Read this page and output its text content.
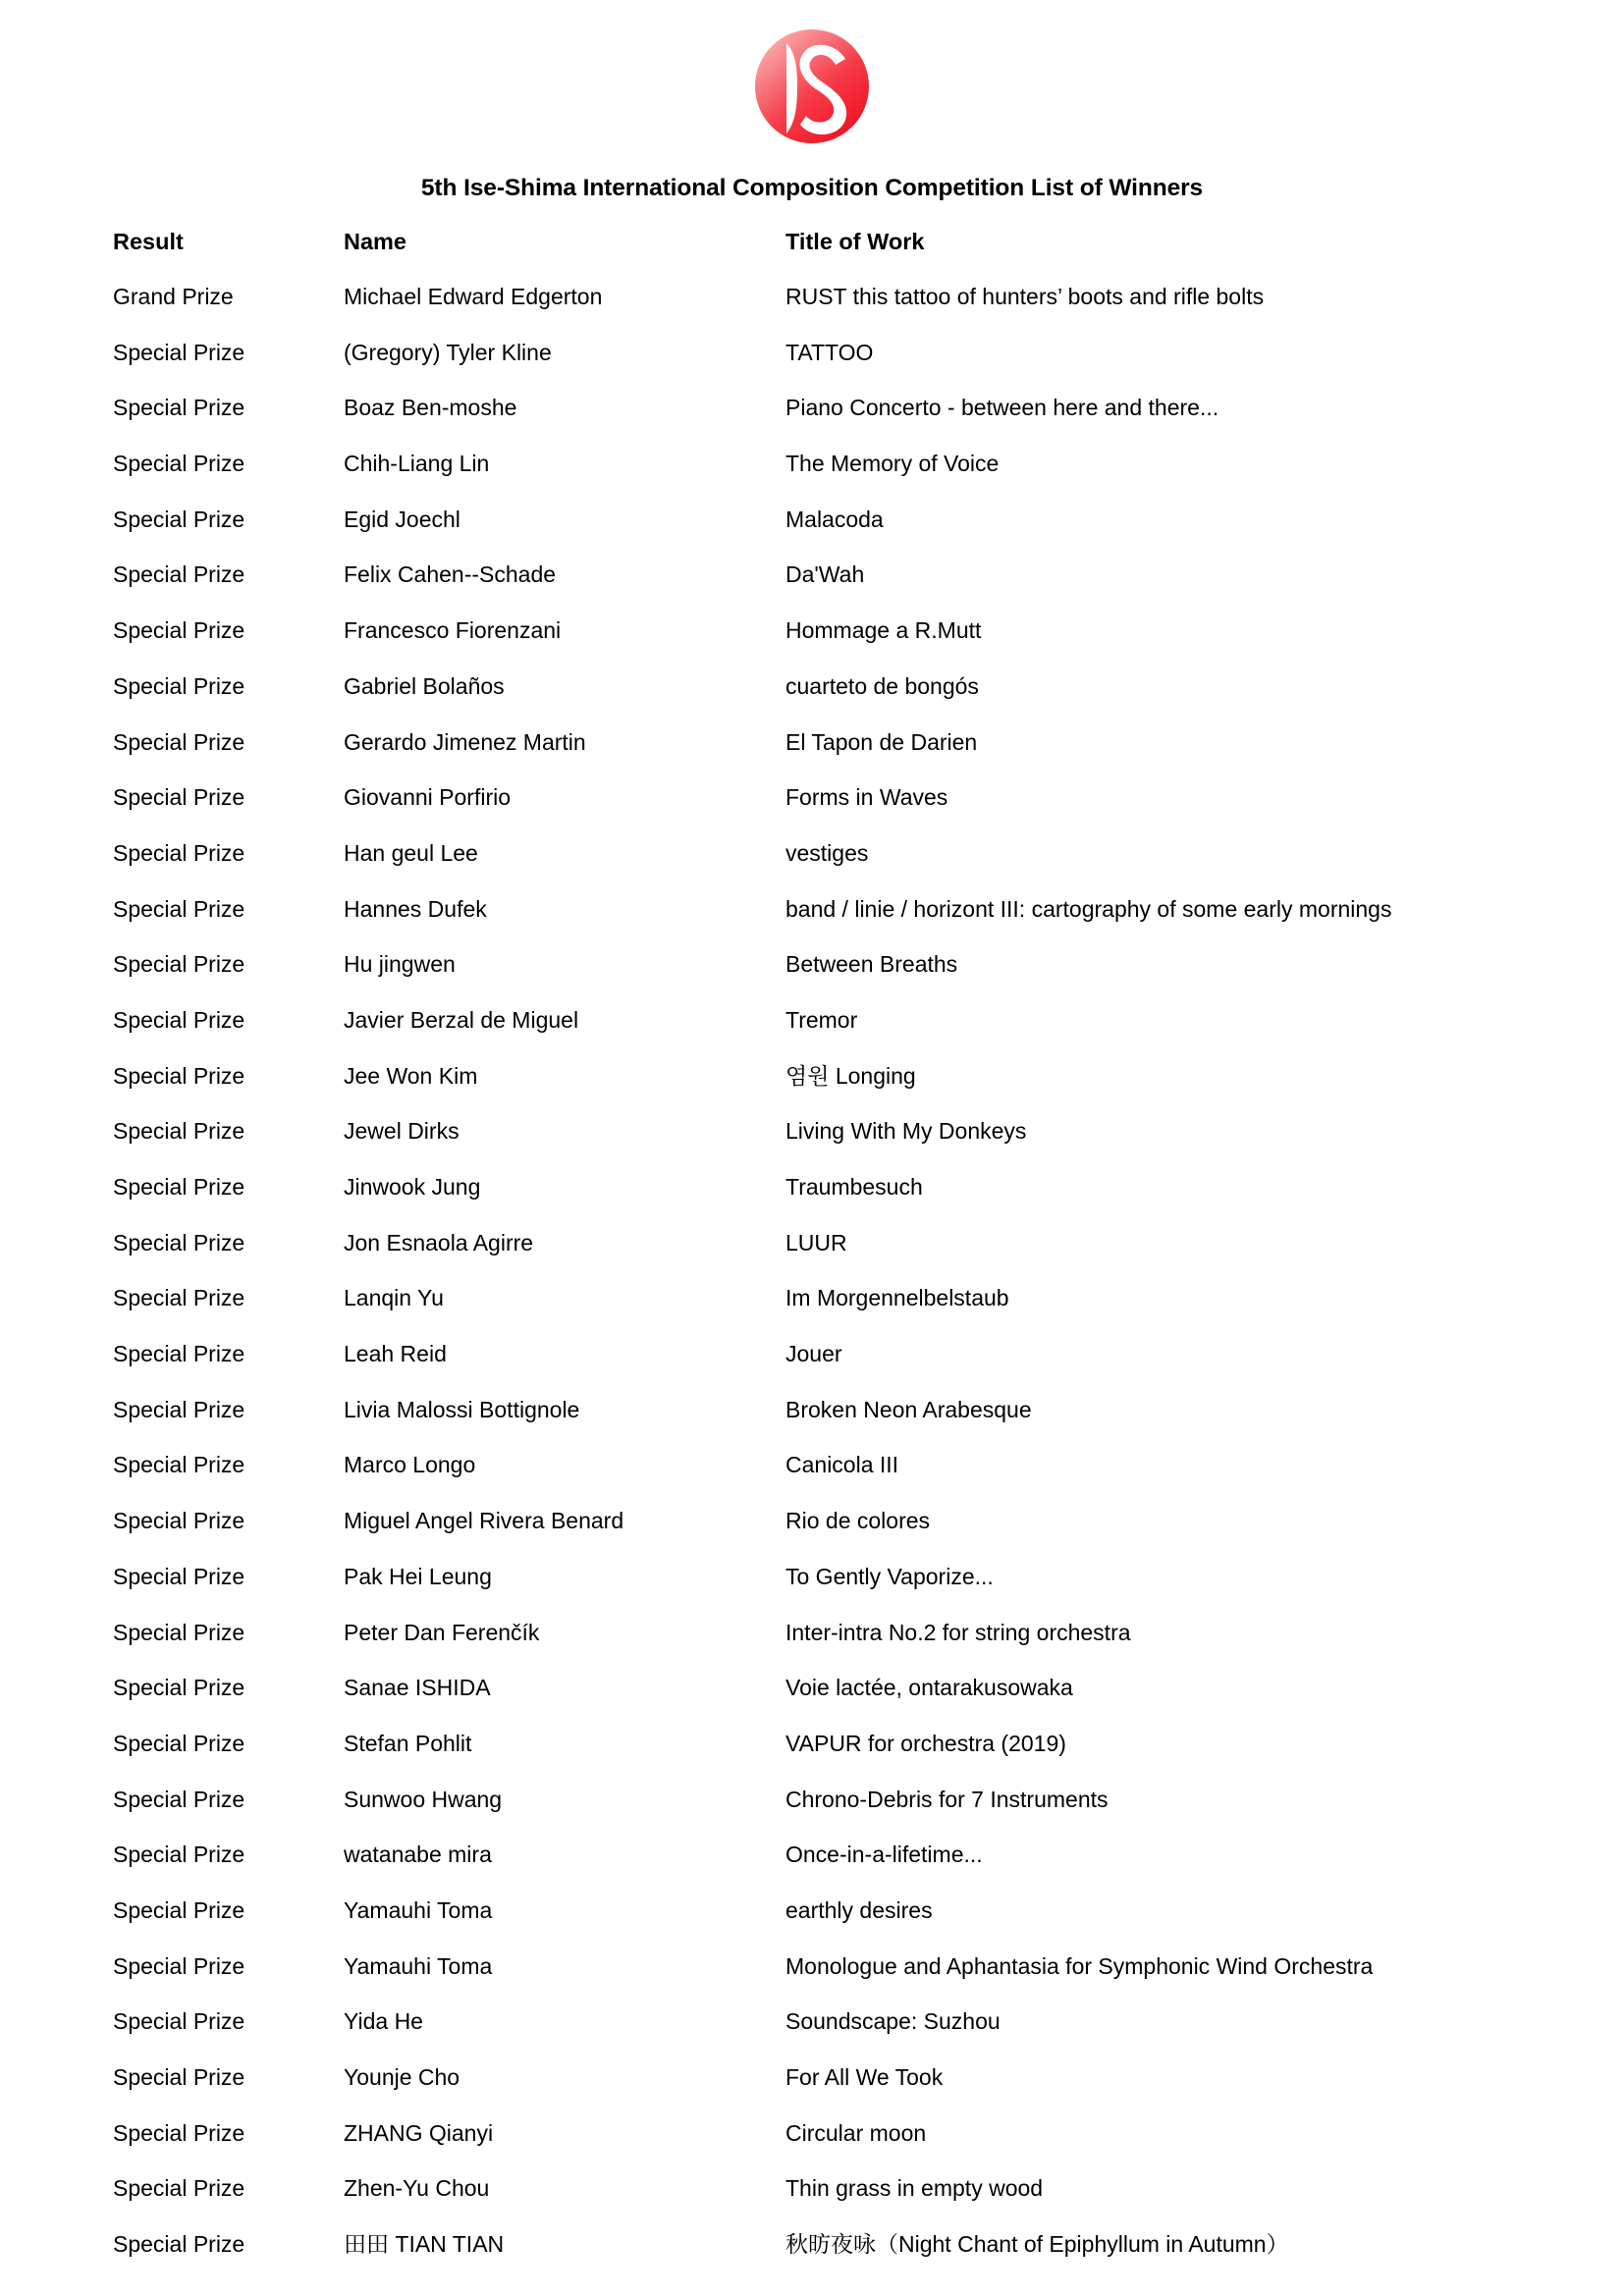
5th Ise-Shima International Composition Competition List of Winners
Result	Name	Title of Work
Grand Prize	Michael Edward Edgerton	RUST this tattoo of hunters’ boots and rifle bolts
Special Prize	(Gregory) Tyler Kline	TATTOO
Special Prize	Boaz Ben-moshe	Piano Concerto - between here and there...
Special Prize	Chih-Liang Lin	The Memory of Voice
Special Prize	Egid Joechl	Malacoda
Special Prize	Felix Cahen--Schade	Da'Wah
Special Prize	Francesco Fiorenzani	Hommage a R.Mutt
Special Prize	Gabriel Bolaños	cuarteto de bongós
Special Prize	Gerardo Jimenez Martin	El Tapon de Darien
Special Prize	Giovanni Porfirio	Forms in Waves
Special Prize	Han geul Lee	vestiges
Special Prize	Hannes Dufek	band / linie / horizont III: cartography of some early mornings
Special Prize	Hu jingwen	Between Breaths
Special Prize	Javier Berzal de Miguel	Tremor
Special Prize	Jee Won Kim	염원 Longing
Special Prize	Jewel Dirks	Living With My Donkeys
Special Prize	Jinwook Jung	Traumbesuch
Special Prize	Jon Esnaola Agirre	LUUR
Special Prize	Lanqin Yu	Im Morgennelbelstaub
Special Prize	Leah Reid	Jouer
Special Prize	Livia Malossi Bottignole	Broken Neon Arabesque
Special Prize	Marco Longo	Canicola III
Special Prize	Miguel Angel Rivera Benard	Rio de colores
Special Prize	Pak Hei Leung	To Gently Vaporize...
Special Prize	Peter Dan Ferenčík	Inter-intra No.2 for string orchestra
Special Prize	Sanae ISHIDA	Voie lactée, ontarakusowaka
Special Prize	Stefan Pohlit	VAPUR for orchestra (2019)
Special Prize	Sunwoo Hwang	Chrono-Debris for 7 Instruments
Special Prize	watanabe mira	Once-in-a-lifetime...
Special Prize	Yamauhi Toma	earthly desires
Special Prize	Yamauhi Toma	Monologue and Aphantasia for Symphonic Wind Orchestra
Special Prize	Yida He	Soundscape: Suzhou
Special Prize	Younje Cho	For All We Took
Special Prize	ZHANG Qianyi	Circular moon
Special Prize	Zhen-Yu Chou	Thin grass in empty wood
Special Prize	田田 TIAN TIAN	秋昉夜咏（Night Chant of Epiphyllum in Autumn）
